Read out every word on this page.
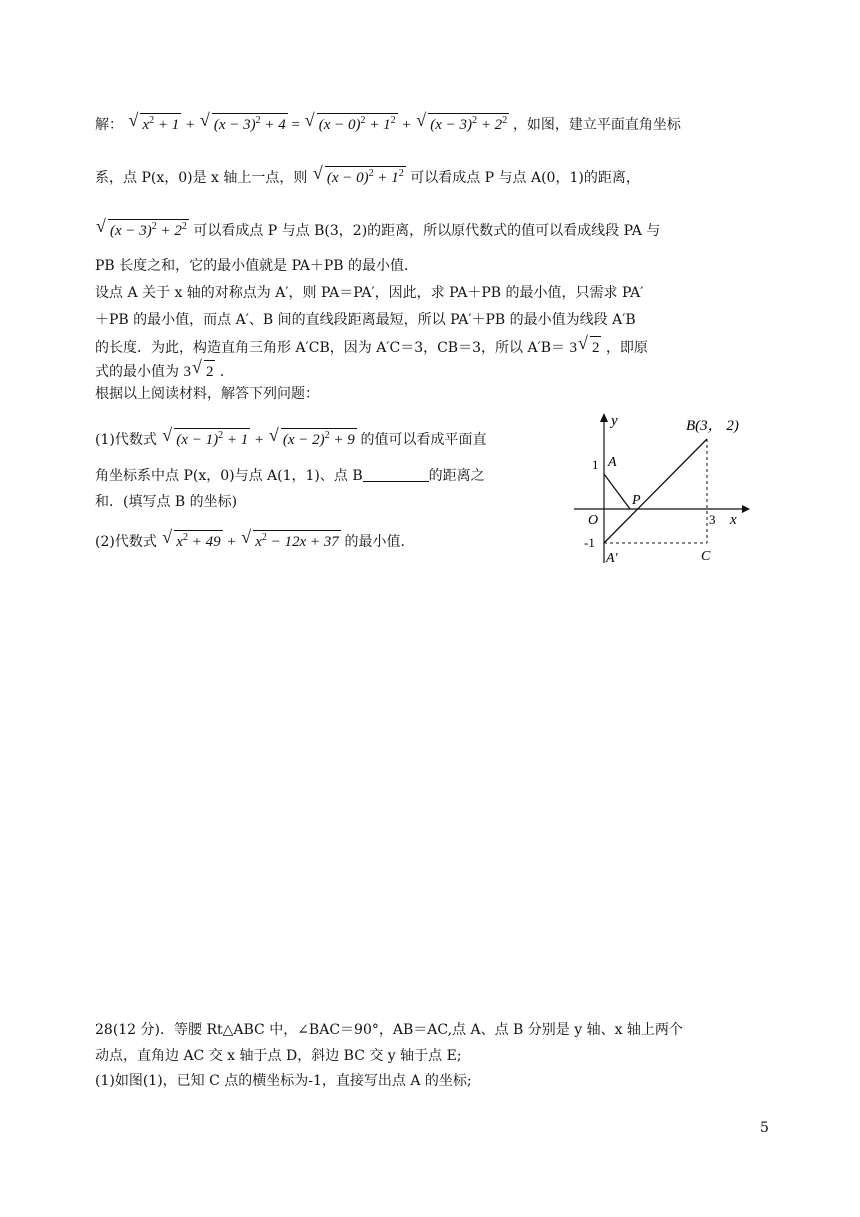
解： √ $x^2 + 1$ + √ $(x - 3)^2 + 4$ = √ $(x - 0)^2 + 1^2$ + √ $(x - 3)^2 + 2^2$ ，如图，建立平面直角坐标
系，点 P(x，0)是 x 轴上一点，则 √ $(x - 0)^2 + 1^2$ 可以看成点 P 与点 A(0，1)的距离，
√ $(x - 3)^2 + 2^2$ 可以看成点 P 与点 B(3，2)的距离，所以原代数式的值可以看成线段 PA 与
PB 长度之和，它的最小值就是 PA＋PB 的最小值．
设点 A 关于 x 轴的对称点为 A′，则 PA＝PA′，因此，求 PA＋PB 的最小值，只需求 PA′
＋PB 的最小值，而点 A′、B 间的直线段距离最短，所以 PA′＋PB 的最小值为线段 A′B
的长度．为此，构造直角三角形 A′CB，因为 A′C＝3，CB＝3，所以 A′B＝ 3 √ 2 ，即原
式的最小值为 3 √ 2 ．
根据以上阅读材料，解答下列问题：
(1)代数式 √ $(x - 1)^2 + 1$ + √ $(x - 2)^2 + 9$ 的值可以看成平面直
角坐标系中点 P(x，0)与点 A(1，1)、点 B	的距离之
和．(填写点 B 的坐标)
(2)代数式 √ $x^2 + 49$ + √ $x^2 - 12x + 37$ 的最小值．
y
x
O
1 A
P
B(3， 2)
3
-1
A′	C
28(12 分)．等腰 Rt△ABC 中，∠BAC＝90°，AB＝AC,点 A、点 B 分别是 y 轴、x 轴上两个
动点，直角边 AC 交 x 轴于点 D，斜边 BC 交 y 轴于点 E;
(1)如图(1)，已知 C 点的横坐标为-1，直接写出点 A 的坐标;
5
